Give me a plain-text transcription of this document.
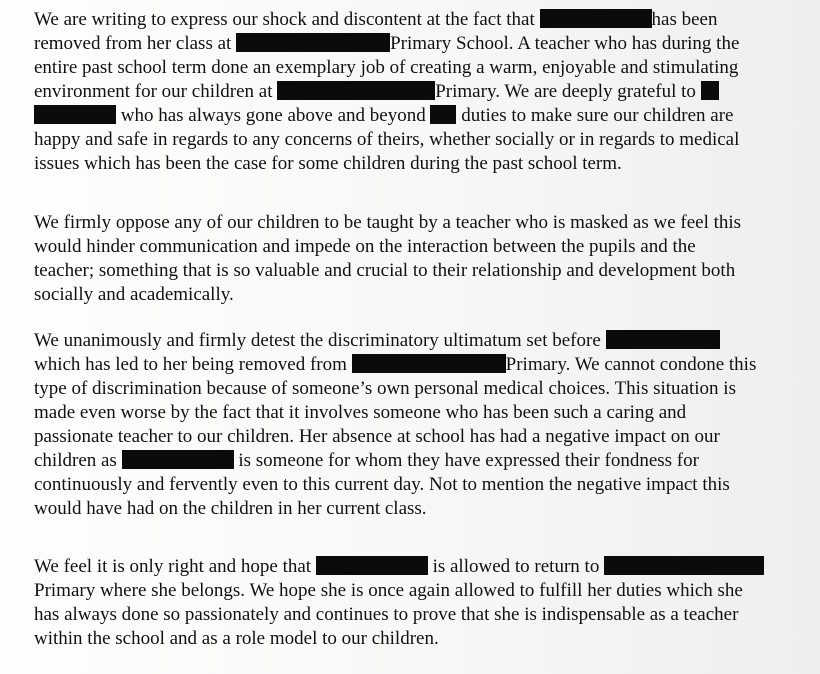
We are writing to express our shock and discontent at the fact that	has been
removed from her class at	Primary School. A teacher who has during the
entire past school term done an exemplary job of creating a warm, enjoyable and stimulating
environment for our children at	Primary. We are deeply grateful to
who has always gone above and beyond duties to make sure our children are
happy and safe in regards to any concerns of theirs, whether socially or in regards to medical
issues which has been the case for some children during the past school term.
We firmly oppose any of our children to be taught by a teacher who is masked as we feel this
would hinder communication and impede on the interaction between the pupils and the
teacher; something that is so valuable and crucial to their relationship and development both
socially and academically.
We unanimously and firmly detest the discriminatory ultimatum set before
which has led to her being removed from	Primary. We cannot condone this
type of discrimination because of someone’s own personal medical choices. This situation is
made even worse by the fact that it involves someone who has been such a caring and
passionate teacher to our children. Her absence at school has had a negative impact on our
children as	is someone for whom they have expressed their fondness for
continuously and fervently even to this current day. Not to mention the negative impact this
would have had on the children in her current class.
We feel it is only right and hope that	is allowed to return to
Primary where she belongs. We hope she is once again allowed to fulfill her duties which she
has always done so passionately and continues to prove that she is indispensable as a teacher
within the school and as a role model to our children.
